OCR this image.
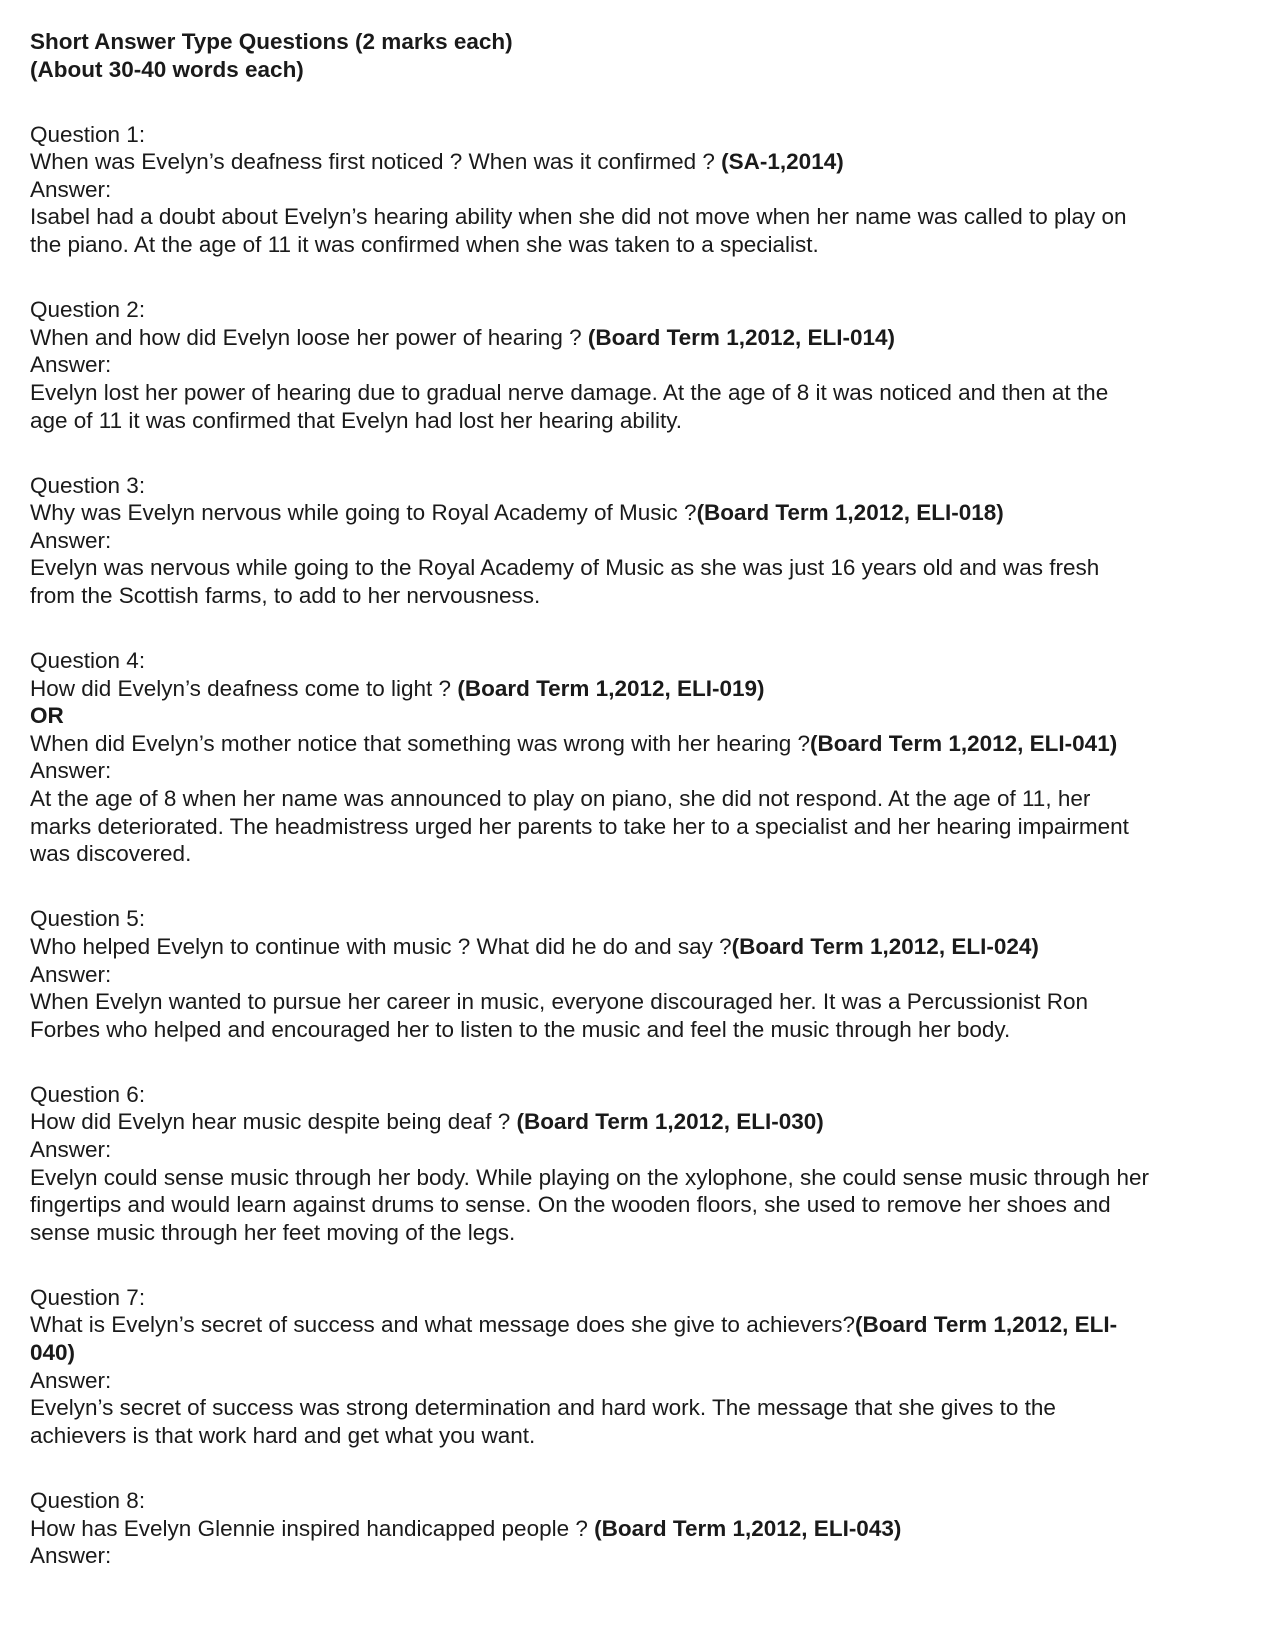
Short Answer Type Questions (2 marks each)
(About 30-40 words each)
Question 1:
When was Evelyn’s deafness first noticed ? When was it confirmed ? (SA-1,2014)
Answer:
Isabel had a doubt about Evelyn’s hearing ability when she did not move when her name was called to play on
the piano. At the age of 11 it was confirmed when she was taken to a specialist.
Question 2:
When and how did Evelyn loose her power of hearing ? (Board Term 1,2012, ELI-014)
Answer:
Evelyn lost her power of hearing due to gradual nerve damage. At the age of 8 it was noticed and then at the
age of 11 it was confirmed that Evelyn had lost her hearing ability.
Question 3:
Why was Evelyn nervous while going to Royal Academy of Music ?(Board Term 1,2012, ELI-018)
Answer:
Evelyn was nervous while going to the Royal Academy of Music as she was just 16 years old and was fresh
from the Scottish farms, to add to her nervousness.
Question 4:
How did Evelyn’s deafness come to light ? (Board Term 1,2012, ELI-019)
OR
When did Evelyn’s mother notice that something was wrong with her hearing ?(Board Term 1,2012, ELI-041)
Answer:
At the age of 8 when her name was announced to play on piano, she did not respond. At the age of 11, her
marks deteriorated. The headmistress urged her parents to take her to a specialist and her hearing impairment
was discovered.
Question 5:
Who helped Evelyn to continue with music ? What did he do and say ?(Board Term 1,2012, ELI-024)
Answer:
When Evelyn wanted to pursue her career in music, everyone discouraged her. It was a Percussionist Ron
Forbes who helped and encouraged her to listen to the music and feel the music through her body.
Question 6:
How did Evelyn hear music despite being deaf ? (Board Term 1,2012, ELI-030)
Answer:
Evelyn could sense music through her body. While playing on the xylophone, she could sense music through her
fingertips and would learn against drums to sense. On the wooden floors, she used to remove her shoes and
sense music through her feet moving of the legs.
Question 7:
What is Evelyn’s secret of success and what message does she give to achievers?(Board Term 1,2012, ELI-
040)
Answer:
Evelyn’s secret of success was strong determination and hard work. The message that she gives to the
achievers is that work hard and get what you want.
Question 8:
How has Evelyn Glennie inspired handicapped people ? (Board Term 1,2012, ELI-043)
Answer:
